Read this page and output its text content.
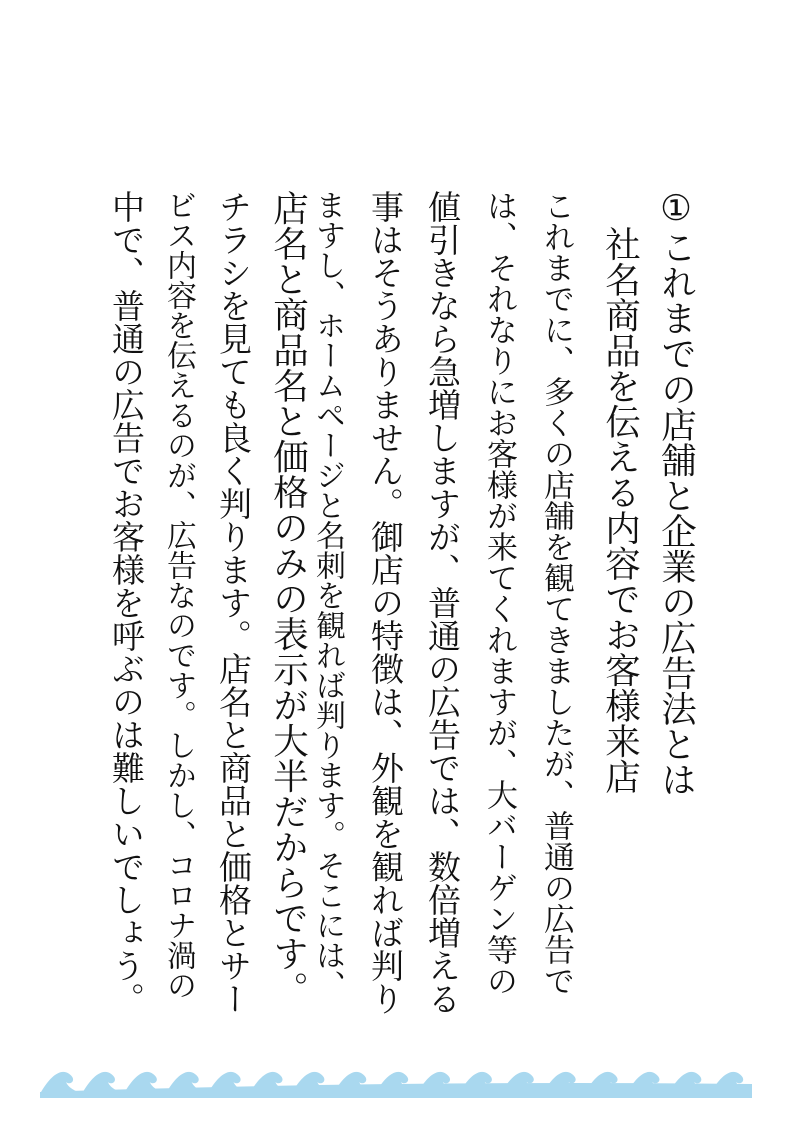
①これまでの店舗と企業の広告法とは
社名商品を伝える内容でお客様来店
これまでに、多くの店舗を観てきましたが、普通の広告で
は、それなりにお客様が来てくれますが、大バーゲン等の
値引きなら急増しますが、普通の広告では、数倍増える
事はそうありません。御店の特徴は、外観を観れば判り
ますし、ホームページと名刺を観れば判ります。そこには、
店名と商品名と価格のみの表示が大半だからです。
チラシを見ても良く判ります。店名と商品と価格とサー
ビス内容を伝えるのが、広告なのです。しかし、コロナ渦の
中で、普通の広告でお客様を呼ぶのは難しいでしょう。
